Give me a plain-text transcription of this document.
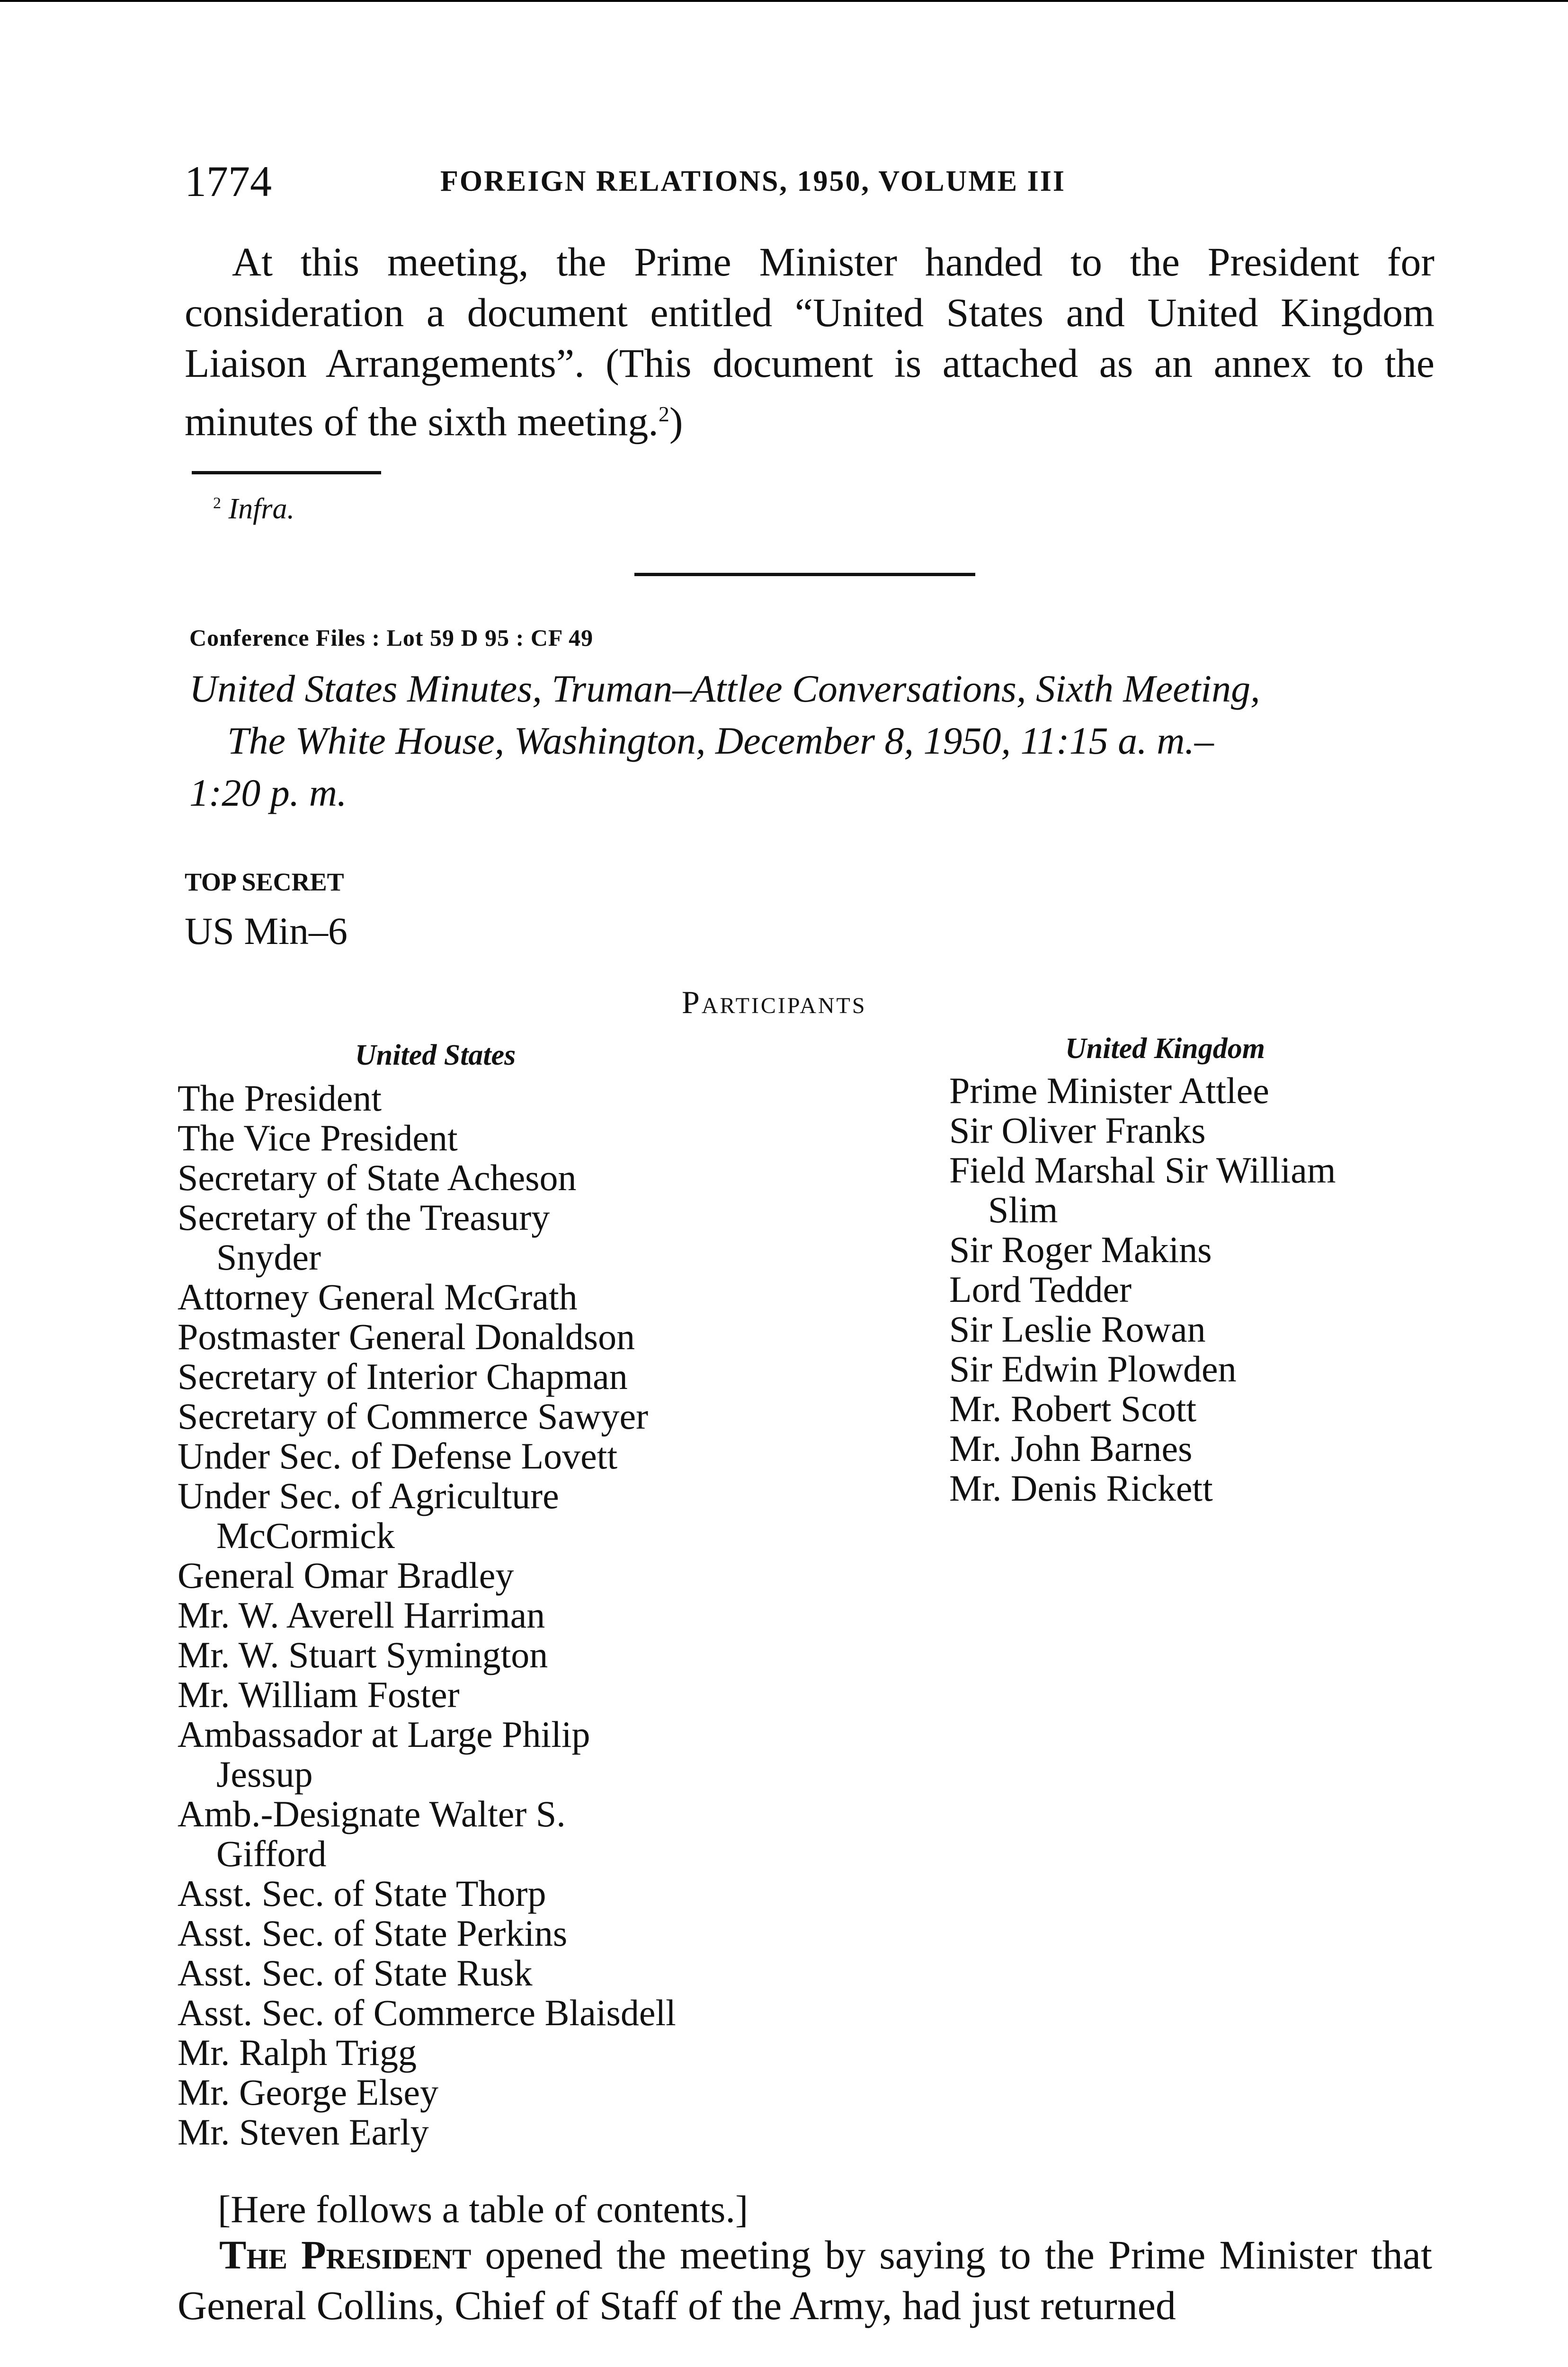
1774	FOREIGN RELATIONS, 1950, VOLUME III

At this meeting, the Prime Minister handed to the President for consideration a document entitled “United States and United Kingdom Liaison Arrangements”. (This document is attached as an annex to the minutes of the sixth meeting.$^2$)

$^2$ Infra.
Conference Files : Lot 59 D 95 : CF 49
United States Minutes, Truman–Attlee Conversations, Sixth Meeting,
The White House, Washington, December 8, 1950, 11:15 a. m.–
1:20 p. m.
TOP SECRET
US Min–6
Participants
United States	United Kingdom
The President
The Vice President
Secretary of State Acheson
Secretary of the Treasury
Snyder
Attorney General McGrath
Postmaster General Donaldson
Secretary of Interior Chapman
Secretary of Commerce Sawyer
Under Sec. of Defense Lovett
Under Sec. of Agriculture
McCormick
General Omar Bradley
Mr. W. Averell Harriman
Mr. W. Stuart Symington
Mr. William Foster
Ambassador at Large Philip
Jessup
Amb.-Designate Walter S.
Gifford
Asst. Sec. of State Thorp
Asst. Sec. of State Perkins
Asst. Sec. of State Rusk
Asst. Sec. of Commerce Blaisdell
Mr. Ralph Trigg
Mr. George Elsey
Mr. Steven Early
Prime Minister Attlee
Sir Oliver Franks
Field Marshal Sir William
Slim
Sir Roger Makins
Lord Tedder
Sir Leslie Rowan
Sir Edwin Plowden
Mr. Robert Scott
Mr. John Barnes
Mr. Denis Rickett
[Here follows a table of contents.]

The President opened the meeting by saying to the Prime Minister that General Collins, Chief of Staff of the Army, had just returned
